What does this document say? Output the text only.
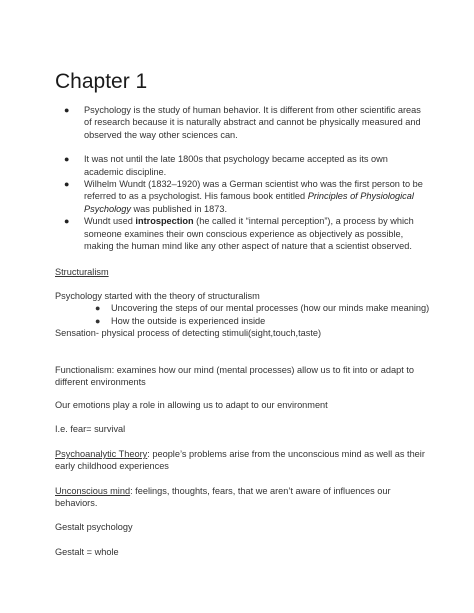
Chapter 1
● Psychology is the study of human behavior. It is different from other scientific areas of research because it is naturally abstract and cannot be physically measured and observed the way other sciences can.
● It was not until the late 1800s that psychology became accepted as its own academic discipline.
● Wilhelm Wundt (1832–1920) was a German scientist who was the first person to be referred to as a psychologist. His famous book entitled Principles of Physiological Psychology was published in 1873.
● Wundt used introspection (he called it “internal perception”), a process by which someone examines their own conscious experience as objectively as possible, making the human mind like any other aspect of nature that a scientist observed.

Structuralism

Psychology started with the theory of structuralism
● Uncovering the steps of our mental processes (how our minds make meaning)
● How the outside is experienced inside
Sensation- physical process of detecting stimuli(sight,touch,taste)

Functionalism: examines how our mind (mental processes) allow us to fit into or adapt to different environments

Our emotions play a role in allowing us to adapt to our environment

I.e. fear= survival

Psychoanalytic Theory: people’s problems arise from the unconscious mind as well as their early childhood experiences

Unconscious mind: feelings, thoughts, fears, that we aren’t aware of influences our behaviors.

Gestalt psychology

Gestalt = whole
